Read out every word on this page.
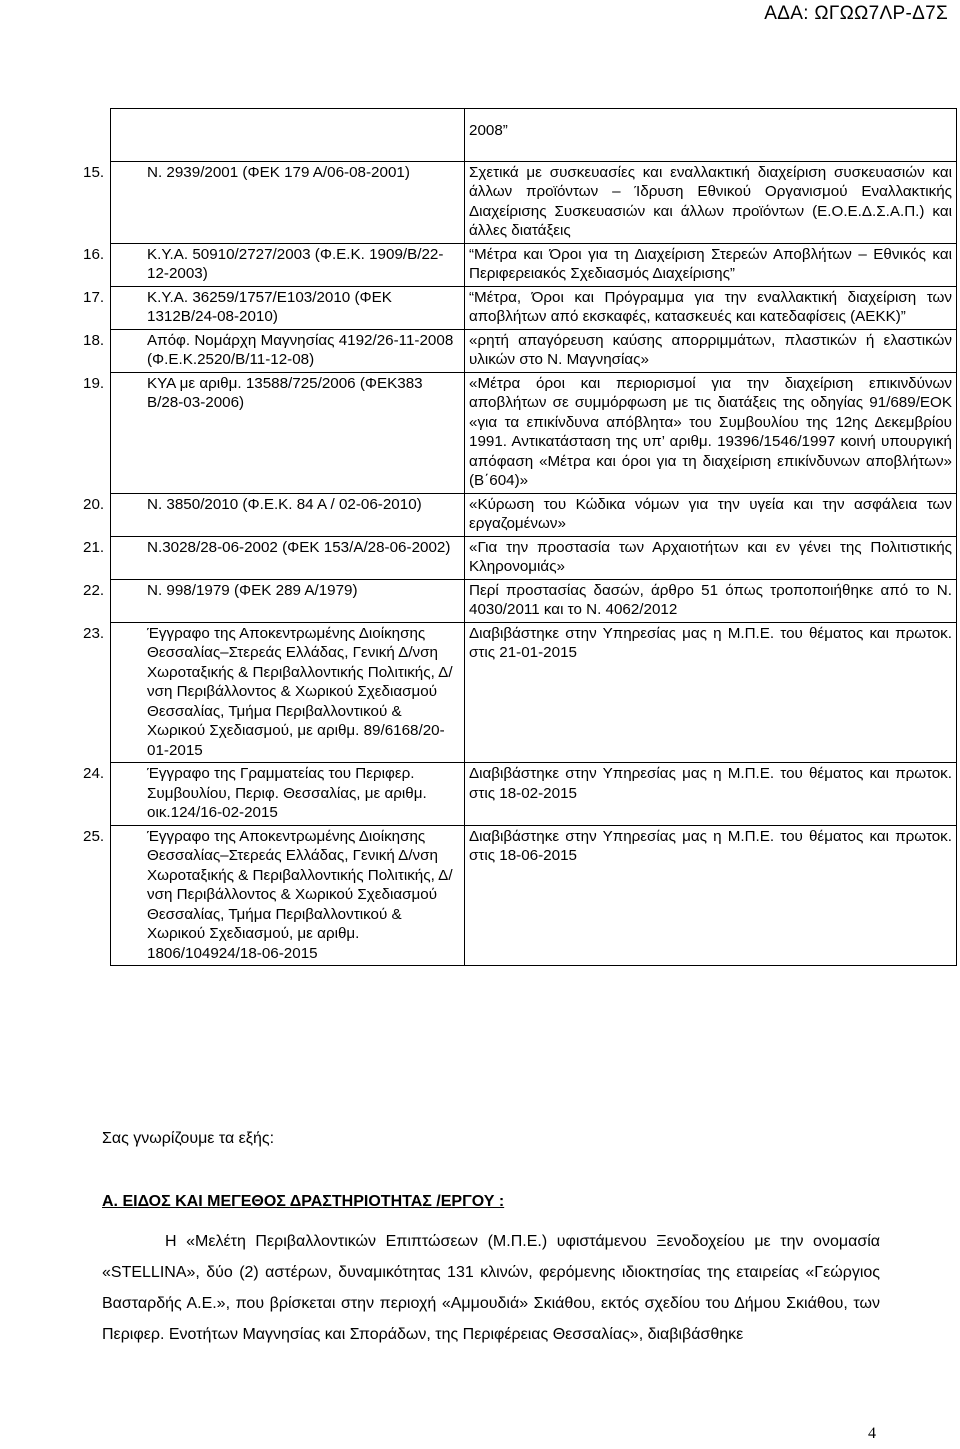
ΑΔΑ: ΩΓΩΩ7ΛΡ-Δ7Σ
	2008”

15. Ν. 2939/2001 (ΦΕΚ 179 Α/06-08-2001)	Σχετικά με συσκευασίες και εναλλακτική διαχείριση συσκευασιών και άλλων προϊόντων – Ίδρυση Εθνικού Οργανισμού Εναλλακτικής Διαχείρισης Συσκευασιών και άλλων προϊόντων (Ε.Ο.Ε.Δ.Σ.Α.Π.) και άλλες διατάξεις

16. Κ.Υ.Α. 50910/2727/2003 (Φ.Ε.Κ. 1909/Β/22-12-2003)	“Μέτρα και Όροι για τη Διαχείριση Στερεών Αποβλήτων – Εθνικός και Περιφερειακός Σχεδιασμός Διαχείρισης”

17. Κ.Υ.Α. 36259/1757/Ε103/2010 (ΦΕΚ 1312Β/24-08-2010)	“Μέτρα, Όροι και Πρόγραμμα για την εναλλακτική διαχείριση των αποβλήτων από εκσκαφές, κατασκευές και κατεδαφίσεις (ΑΕΚΚ)”

18. Απόφ. Νομάρχη Μαγνησίας 4192/26-11-2008 (Φ.Ε.Κ.2520/Β/11-12-08)	«ρητή απαγόρευση καύσης απορριμμάτων, πλαστικών ή ελαστικών υλικών στο Ν. Μαγνησίας»

19. ΚΥΑ με αριθμ. 13588/725/2006 (ΦΕΚ383 Β/28-03-2006)	«Μέτρα όροι και περιορισμοί για την διαχείριση επικινδύνων αποβλήτων σε συμμόρφωση με τις διατάξεις της οδηγίας 91/689/ΕΟΚ «για τα επικίνδυνα απόβλητα» του Συμβουλίου της 12ης Δεκεμβρίου 1991. Αντικατάσταση της υπ’ αριθμ. 19396/1546/1997 κοινή υπουργική απόφαση «Μέτρα και όροι για τη διαχείριση επικίνδυνων αποβλήτων» (Β΄604)»

20. Ν. 3850/2010 (Φ.Ε.Κ. 84 Α / 02-06-2010)	«Κύρωση του Κώδικα νόμων για την υγεία και την ασφάλεια των εργαζομένων»

21. Ν.3028/28-06-2002 (ΦΕΚ 153/Α/28-06-2002)	«Για την προστασία των Αρχαιοτήτων και εν γένει της Πολιτιστικής Κληρονομιάς»

22. Ν. 998/1979 (ΦΕΚ 289 Α/1979)	Περί προστασίας δασών, άρθρο 51 όπως τροποποιήθηκε από το Ν. 4030/2011 και το Ν. 4062/2012

23. Έγγραφο της Αποκεντρωμένης Διοίκησης Θεσσαλίας–Στερεάς Ελλάδας, Γενική Δ/νση Χωροταξικής & Περιβαλλοντικής Πολιτικής, Δ/νση Περιβάλλοντος & Χωρικού Σχεδιασμού Θεσσαλίας, Τμήμα Περιβαλλοντικού & Χωρικού Σχεδιασμού, με αριθμ. 89/6168/20-01-2015	Διαβιβάστηκε στην Υπηρεσίας μας η Μ.Π.Ε. του θέματος και πρωτοκ. στις 21-01-2015

24. Έγγραφο της Γραμματείας του Περιφερ. Συμβουλίου, Περιφ. Θεσσαλίας, με αριθμ. οικ.124/16-02-2015	Διαβιβάστηκε στην Υπηρεσίας μας η Μ.Π.Ε. του θέματος και πρωτοκ. στις 18-02-2015

25. Έγγραφο της Αποκεντρωμένης Διοίκησης Θεσσαλίας–Στερεάς Ελλάδας, Γενική Δ/νση Χωροταξικής & Περιβαλλοντικής Πολιτικής, Δ/νση Περιβάλλοντος & Χωρικού Σχεδιασμού Θεσσαλίας, Τμήμα Περιβαλλοντικού & Χωρικού Σχεδιασμού, με αριθμ. 1806/104924/18-06-2015	Διαβιβάστηκε στην Υπηρεσίας μας η Μ.Π.Ε. του θέματος και πρωτοκ. στις 18-06-2015
Σας γνωρίζουμε τα εξής:
Α. ΕΙΔΟΣ ΚΑΙ ΜΕΓΕΘΟΣ ΔΡΑΣΤΗΡΙΟΤΗΤΑΣ /ΕΡΓΟΥ :
Η «Μελέτη Περιβαλλοντικών Επιπτώσεων (Μ.Π.Ε.) υφιστάμενου Ξενοδοχείου με την ονομασία «STELLINA», δύο (2) αστέρων, δυναμικότητας 131 κλινών, φερόμενης ιδιοκτησίας της εταιρείας «Γεώργιος Βασταρδής Α.Ε.», που βρίσκεται στην περιοχή «Αμμουδιά» Σκιάθου, εκτός σχεδίου του Δήμου Σκιάθου, των Περιφερ. Ενοτήτων Μαγνησίας και Σποράδων, της Περιφέρειας Θεσσαλίας», διαβιβάσθηκε
4
